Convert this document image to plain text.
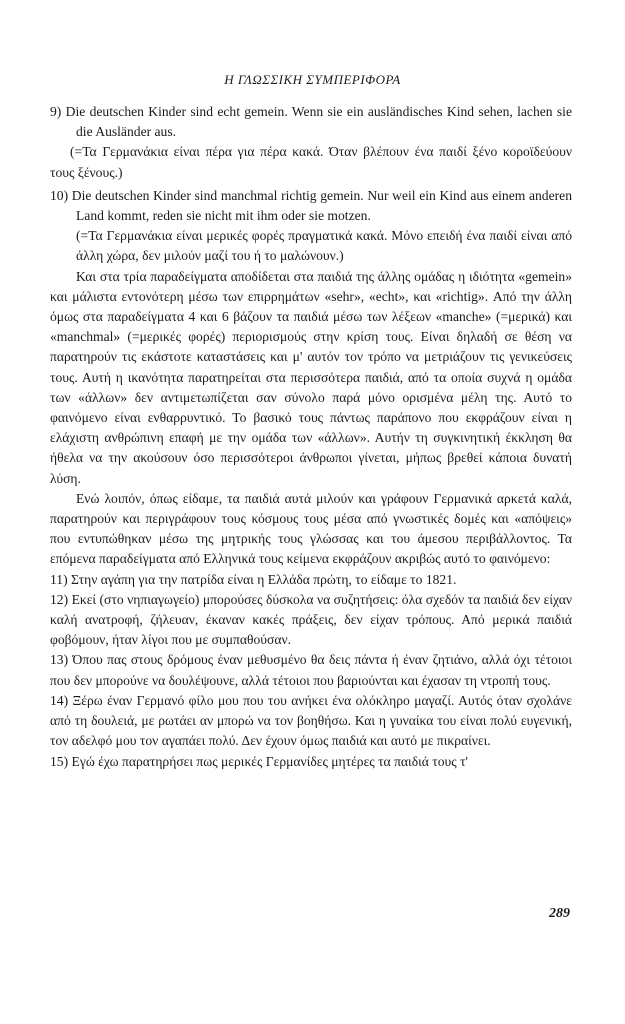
Η ΓΛΩΣΣΙΚΗ ΣΥΜΠΕΡΙΦΟΡΑ

9) Die deutschen Kinder sind echt gemein. Wenn sie ein ausländisches Kind sehen, lachen sie die Ausländer aus.

(=Τα Γερμανάκια είναι πέρα για πέρα κακά. Όταν βλέπουν ένα παιδί ξένο κοροϊδεύουν τους ξένους.)

10) Die deutschen Kinder sind manchmal richtig gemein. Nur weil ein Kind aus einem anderen Land kommt, reden sie nicht mit ihm oder sie motzen.

(=Τα Γερμανάκια είναι μερικές φορές πραγματικά κακά. Μόνο επειδή ένα παιδί είναι από άλλη χώρα, δεν μιλούν μαζί του ή το μαλώνουν.)

Και στα τρία παραδείγματα αποδίδεται στα παιδιά της άλλης ομάδας η ιδιότητα «gemein» και μάλιστα εντονότερη μέσω των επιρρημάτων «sehr», «echt», και «richtig». Από την άλλη όμως στα παραδείγματα 4 και 6 βάζουν τα παιδιά μέσω των λέξεων «manche» (=μερικά) και «manchmal» (=μερικές φορές) περιορισμούς στην κρίση τους. Είναι δηλαδή σε θέση να παρατηρούν τις εκάστοτε καταστάσεις και μ' αυτόν τον τρόπο να μετριάζουν τις γενικεύσεις τους. Αυτή η ικανότητα παρατηρείται στα περισσότερα παιδιά, από τα οποία συχνά η ομάδα των «άλλων» δεν αντιμετωπίζεται σαν σύνολο παρά μόνο ορισμένα μέλη της. Αυτό το φαινόμενο είναι ενθαρρυντικό. Το βασικό τους πάντως παράπονο που εκφράζουν είναι η ελάχιστη ανθρώπινη επαφή με την ομάδα των «άλλων». Αυτήν τη συγκινητική έκκληση θα ήθελα να την ακούσουν όσο περισσότεροι άνθρωποι γίνεται, μήπως βρεθεί κάποια δυνατή λύση.

Ενώ λοιπόν, όπως είδαμε, τα παιδιά αυτά μιλούν και γράφουν Γερμανικά αρκετά καλά, παρατηρούν και περιγράφουν τους κόσμους τους μέσα από γνωστικές δομές και «απόψεις» που εντυπώθηκαν μέσω της μητρικής τους γλώσσας και του άμεσου περιβάλλοντος. Τα επόμενα παραδείγματα από Ελληνικά τους κείμενα εκφράζουν ακριβώς αυτό το φαινόμενο:

11) Στην αγάπη για την πατρίδα είναι η Ελλάδα πρώτη, το είδαμε το 1821.

12) Εκεί (στο νηπιαγωγείο) μπορούσες δύσκολα να συζητήσεις: όλα σχεδόν τα παιδιά δεν είχαν καλή ανατροφή, ζήλευαν, έκαναν κακές πράξεις, δεν είχαν τρόπους. Από μερικά παιδιά φοβόμουν, ήταν λίγοι που με συμπαθούσαν.

13) Όπου πας στους δρόμους έναν μεθυσμένο θα δεις πάντα ή έναν ζητιάνο, αλλά όχι τέτοιοι που δεν μπορούνε να δουλέψουνε, αλλά τέτοιοι που βαριούνται και έχασαν τη ντροπή τους.

14) Ξέρω έναν Γερμανό φίλο μου που του ανήκει ένα ολόκληρο μαγαζί. Αυτός όταν σχολάνε από τη δουλειά, με ρωτάει αν μπορώ να τον βοηθήσω. Και η γυναίκα του είναι πολύ ευγενική, τον αδελφό μου τον αγαπάει πολύ. Δεν έχουν όμως παιδιά και αυτό με πικραίνει.

15) Εγώ έχω παρατηρήσει πως μερικές Γερμανίδες μητέρες τα παιδιά τους τ'

289
